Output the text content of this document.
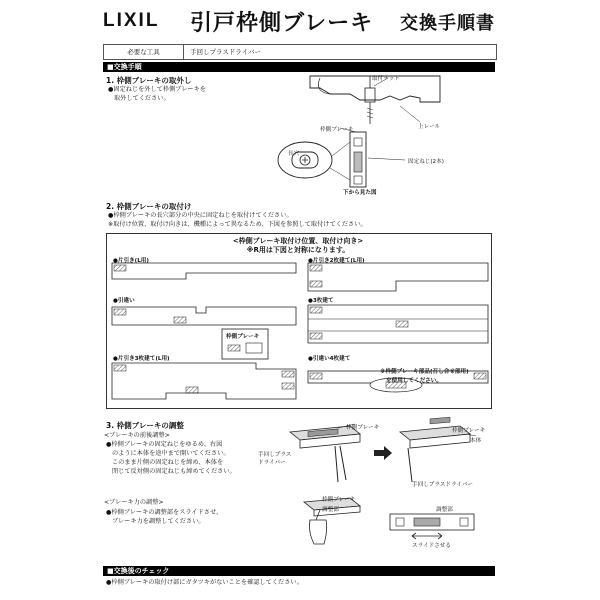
LIXIL 引戸枠側ブレーキ 交換手順書
必要な工具	手回しプラスドライバー
■交換手順
1. 枠側ブレーキの取外し
●固定ねじを外して枠側ブレーキを
取外してください。
取付ナット
上レール
枠側ブレーキ
長穴
固定ねじ(2本)
下から見た図
2. 枠側ブレーキの取付け
●枠側ブレーキの長穴部分の中央に固定ねじを取付けてください。
※取付け位置、取付け向きは、機種によって異なるため、下図を参照して取付けてください。
<枠側ブレーキ取付け位置、取付け向き>
※R用は下図と対称になります。
●片引き(L用)	●片引き2枚建て(L用)
●引違い	●3枚建て
●片引き3枚建て(L用)	●引違い4枚建て
枠側ブレーキ
※枠側ブレーキ部品(召し合せ部用)
を使用してください。
3. 枠側ブレーキの調整
<ブレーキの前後調整>
●枠側ブレーキの固定ねじをゆるめ、右図
のように本体を途中まで開いてください。
このまま片側の固定ねじを締め、本体を
閉じて反対側の固定ねじも締めてください。
<ブレーキ力の調整>
●枠側ブレーキの調整部をスライドさせ、
ブレーキ力を調整してください。
枠側ブレーキ
手回しプラス
ドライバー
枠側ブレーキ
本体
手回しプラスドライバー
枠側ブレーキ
調整部	調整部
スライドさせる
■交換後のチェック
●枠側ブレーキの取付け部にガタツキがないことを確認してください。
